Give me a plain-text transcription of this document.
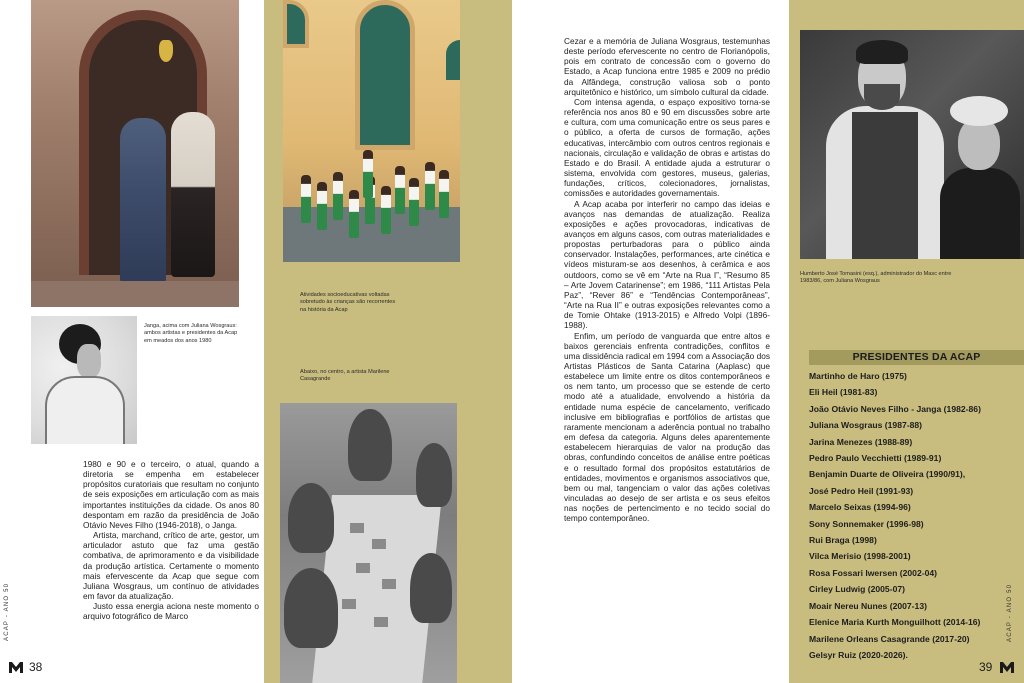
Janga, acima com Juliana Wosgraus: ambos artistas e presidentes da Acap em meados dos anos 1980
Atividades socioeducativas voltadas sobretudo às crianças são recorrentes na história da Acap
Abaixo, no centro, a artista Marilene Casagrande

1980 e 90 e o terceiro, o atual, quando a diretoria se empenha em estabelecer propósitos curatoriais que resultam no conjunto de seis exposições em articulação com as mais importantes instituições da cidade. Os anos 80 despontam em razão da presidência de João Otávio Neves Filho (1946-2018), o Janga.

Artista, marchand, crítico de arte, gestor, um articulador astuto que faz uma gestão combativa, de aprimoramento e da visibilidade da produção artística. Certamente o momento mais efervescente da Acap que segue com Juliana Wosgraus, um contínuo de atividades em favor da atualização.

Justo essa energia aciona neste momento o arquivo fotográfico de Marco

ACAP - ANO 50
38

Cezar e a memória de Juliana Wosgraus, testemunhas deste período efervescente no centro de Florianópolis, pois em contrato de concessão com o governo do Estado, a Acap funciona entre 1985 e 2009 no prédio da Alfândega, construção valiosa sob o ponto arquitetônico e histórico, um símbolo cultural da cidade.

Com intensa agenda, o espaço expositivo torna-se referência nos anos 80 e 90 em discussões sobre arte e cultura, com uma comunicação entre os seus pares e o público, a oferta de cursos de formação, ações educativas, intercâmbio com outros centros regionais e nacionais, circulação e validação de obras e artistas do Estado e do Brasil. A entidade ajuda a estruturar o sistema, envolvida com gestores, museus, galerias, fundações, críticos, colecionadores, jornalistas, comissões e autoridades governamentais.

A Acap acaba por interferir no campo das ideias e avanços nas demandas de atualização. Realiza exposições e ações provocadoras, indicativas de avanços em alguns casos, com outras materialidades e propostas perturbadoras para o público ainda conservador. Instalações, performances, arte cinética e vídeos misturam-se aos desenhos, à cerâmica e aos outdoors, como se vê em “Arte na Rua I”, “Resumo 85 – Arte Jovem Catarinense”; em 1986, “111 Artistas Pela Paz”, “Rever 86” e “Tendências Contemporâneas”, “Arte na Rua II” e outras exposições relevantes como a de Tomie Ohtake (1913-2015) e Alfredo Volpi (1896-1988).

Enfim, um período de vanguarda que entre altos e baixos gerenciais enfrenta contradições, conflitos e uma dissidência radical em 1994 com a Associação dos Artistas Plásticos de Santa Catarina (Aaplasc) que estabelece um limite entre os ditos contemporâneos e os nem tanto, um processo que se estende de certo modo até a atualidade, envolvendo a história da entidade numa espécie de cancelamento, verificado inclusive em bibliografias e portfólios de artistas que raramente mencionam a aderência pontual no trabalho em defesa da categoria. Alguns deles aparentemente estabelecem hierarquias de valor na produção das obras, confundindo conceitos de análise entre poéticas e o resultado formal dos propósitos estatutários de entidades, movimentos e organismos associativos que, bem ou mal, tangenciam o valor das ações coletivas vinculadas ao desejo de ser artista e os seus efeitos nas noções de pertencimento e no tecido social do tempo contemporâneo.

Humberto José Tomasini (esq.), administrador do Masc entre 1983/86, com Juliana Wosgraus
PRESIDENTES DA ACAP
Martinho de Haro (1975)
Eli Heil (1981-83)
João Otávio Neves Filho - Janga (1982-86)
Juliana Wosgraus (1987-88)
Jarina Menezes (1988-89)
Pedro Paulo Vecchietti (1989-91)
Benjamin Duarte de Oliveira (1990/91),
José Pedro Heil (1991-93)
Marcelo Seixas (1994-96)
Sony Sonnemaker (1996-98)
Rui Braga (1998)
Vilca Merisio (1998-2001)
Rosa Fossari Iwersen (2002-04)
Cirley Ludwig (2005-07)
Moair Nereu Nunes (2007-13)
Elenice Maria Kurth Monguilhott (2014-16)
Marilene Orleans Casagrande (2017-20)
Gelsyr Ruiz (2020-2026).
39
ACAP - ANO 50
